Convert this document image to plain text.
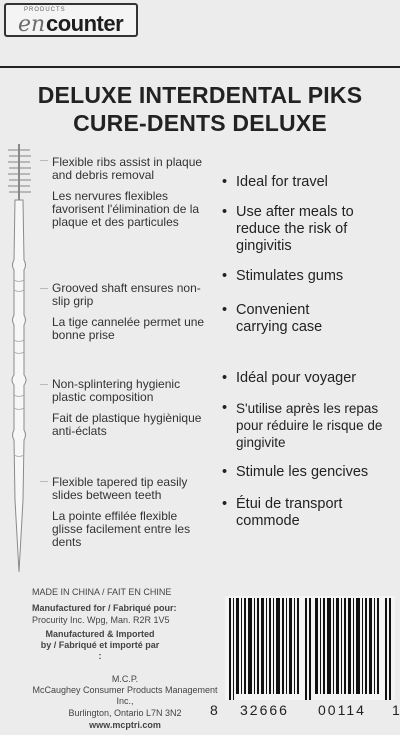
PRODUCTS
en counter
DELUXE INTERDENTAL PIKS
CURE-DENTS DELUXE
Flexible ribs assist in plaque and debris removal
Les nervures flexibles favorisent l'élimination de la plaque et des particules
Grooved shaft ensures non-slip grip
La tige cannelée permet une bonne prise
Non-splintering hygienic plastic composition
Fait de plastique hygiènique anti-éclats
Flexible tapered tip easily slides between teeth
La pointe effilée flexible glisse facilement entre les dents
• Ideal for travel
• Use after meals to reduce the risk of gingivitis
• Stimulates gums
• Convenient carrying case
• Idéal pour voyager
• S'utilise après les repas pour réduire le risque de gingivite
• Stimule les gencives
• Étui de transport commode
MADE IN CHINA / FAIT EN CHINE
Manufactured for / Fabriqué pour:
Procurity Inc. Wpg, Man. R2R 1V5
Manufactured & Imported by / Fabriqué et importé par :
M.C.P.
McCaughey Consumer Products Management Inc.,
Burlington, Ontario L7N 3N2
www.mcptri.com
8 32666 00114 1
